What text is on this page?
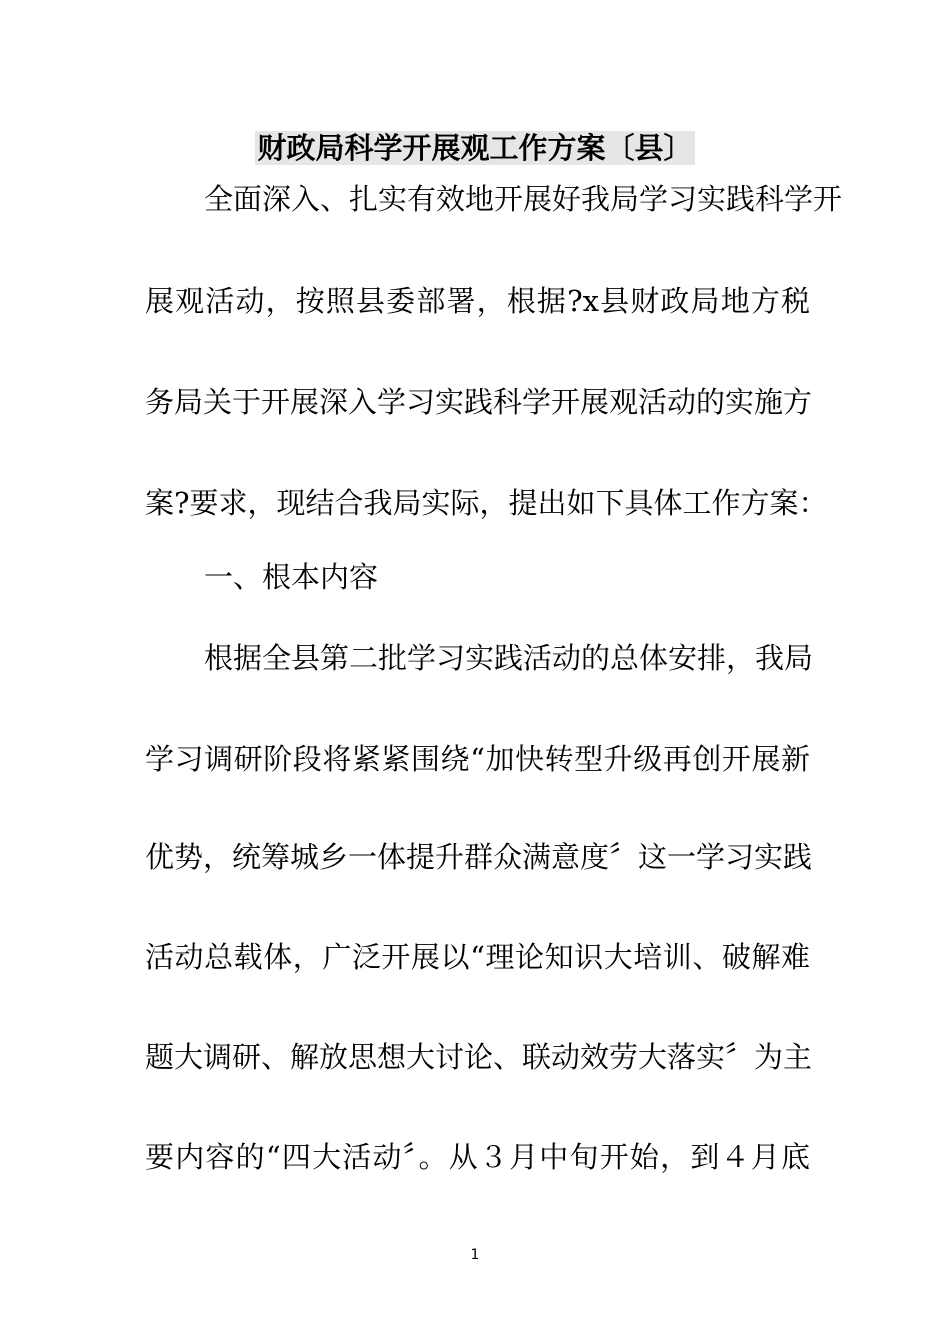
财政局科学开展观工作方案〔县〕
全面深入、扎实有效地开展好我局学习实践科学开
展观活动，按照县委部署，根据?x县财政局地方税
务局关于开展深入学习实践科学开展观活动的实施方
案?要求，现结合我局实际，提出如下具体工作方案：
一、根本内容
根据全县第二批学习实践活动的总体安排，我局
学习调研阶段将紧紧围绕“加快转型升级再创开展新
优势，统筹城乡一体提升群众满意度〞这一学习实践
活动总载体，广泛开展以“理论知识大培训、破解难
题大调研、解放思想大讨论、联动效劳大落实〞为主
要内容的“四大活动〞。从３月中旬开始，到４月底
1
